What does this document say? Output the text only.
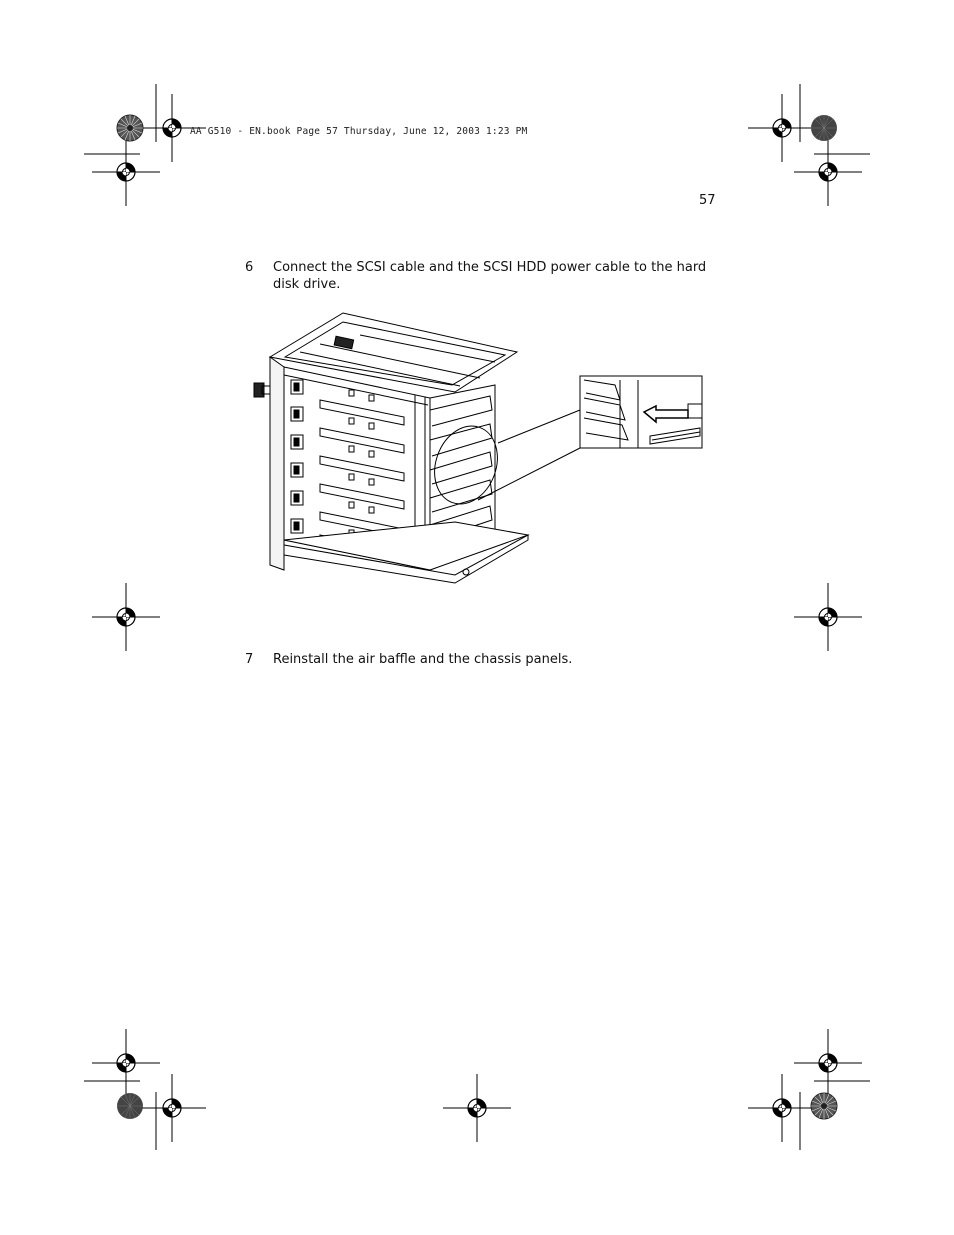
AA G510 - EN.book Page 57 Thursday, June 12, 2003 1:23 PM
57
6 Connect the SCSI cable and the SCSI HDD power cable to the hard disk drive.
7 Reinstall the air baffle and the chassis panels.
